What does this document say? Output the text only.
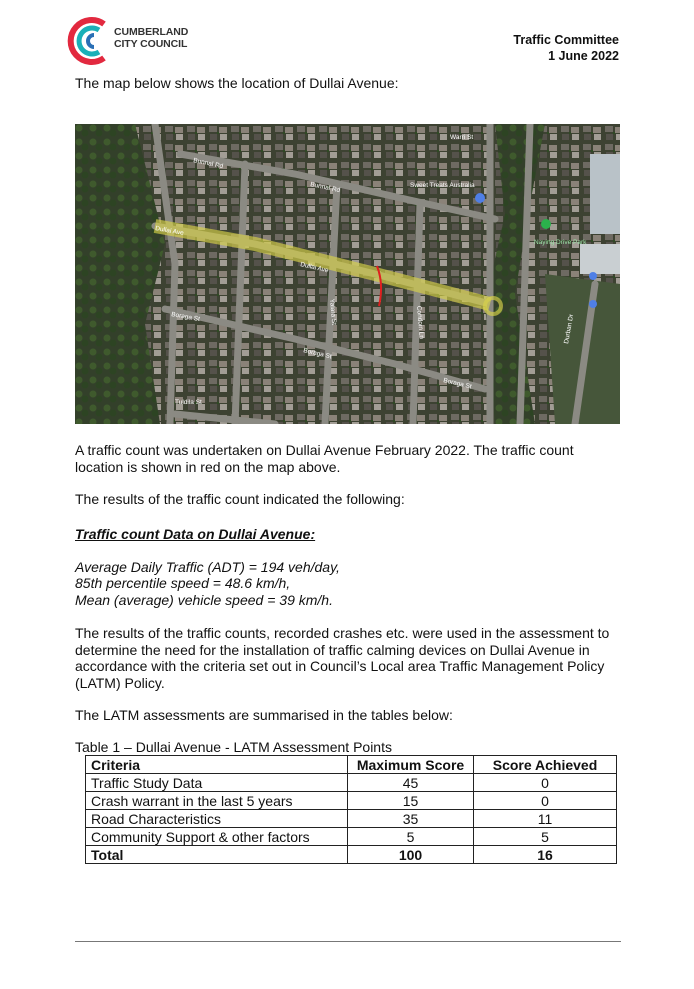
CUMBERLAND
CITY COUNCIL	Traffic Committee
1 June 2022
The map below shows the location of Dullai Avenue:
Bunnal Rd
Bunnal Rd
Dullai Ave
Dullai Ave
Boraga St
Boraga St
Boraga St
Warri St
Sweet Treats Australia
Naying Drive Park
Tuldila St
Yalara St	Condoin Ln	Durban Dr
A traffic count was undertaken on Dullai Avenue February 2022. The traffic count location is shown in red on the map above.
The results of the traffic count indicated the following:
Traffic count Data on Dullai Avenue:
Average Daily Traffic (ADT) = 194 veh/day,
85th percentile speed = 48.6 km/h,
Mean (average) vehicle speed = 39 km/h.
The results of the traffic counts, recorded crashes etc. were used in the assessment to determine the need for the installation of traffic calming devices on Dullai Avenue in accordance with the criteria set out in Council’s Local area Traffic Management Policy (LATM) Policy.
The LATM assessments are summarised in the tables below:
Table 1 – Dullai Avenue - LATM Assessment Points
Criteria	Maximum Score	Score Achieved
Traffic Study Data	45	0
Crash warrant in the last 5 years	15	0
Road Characteristics	35	11
Community Support & other factors	5	5
Total	100	16
